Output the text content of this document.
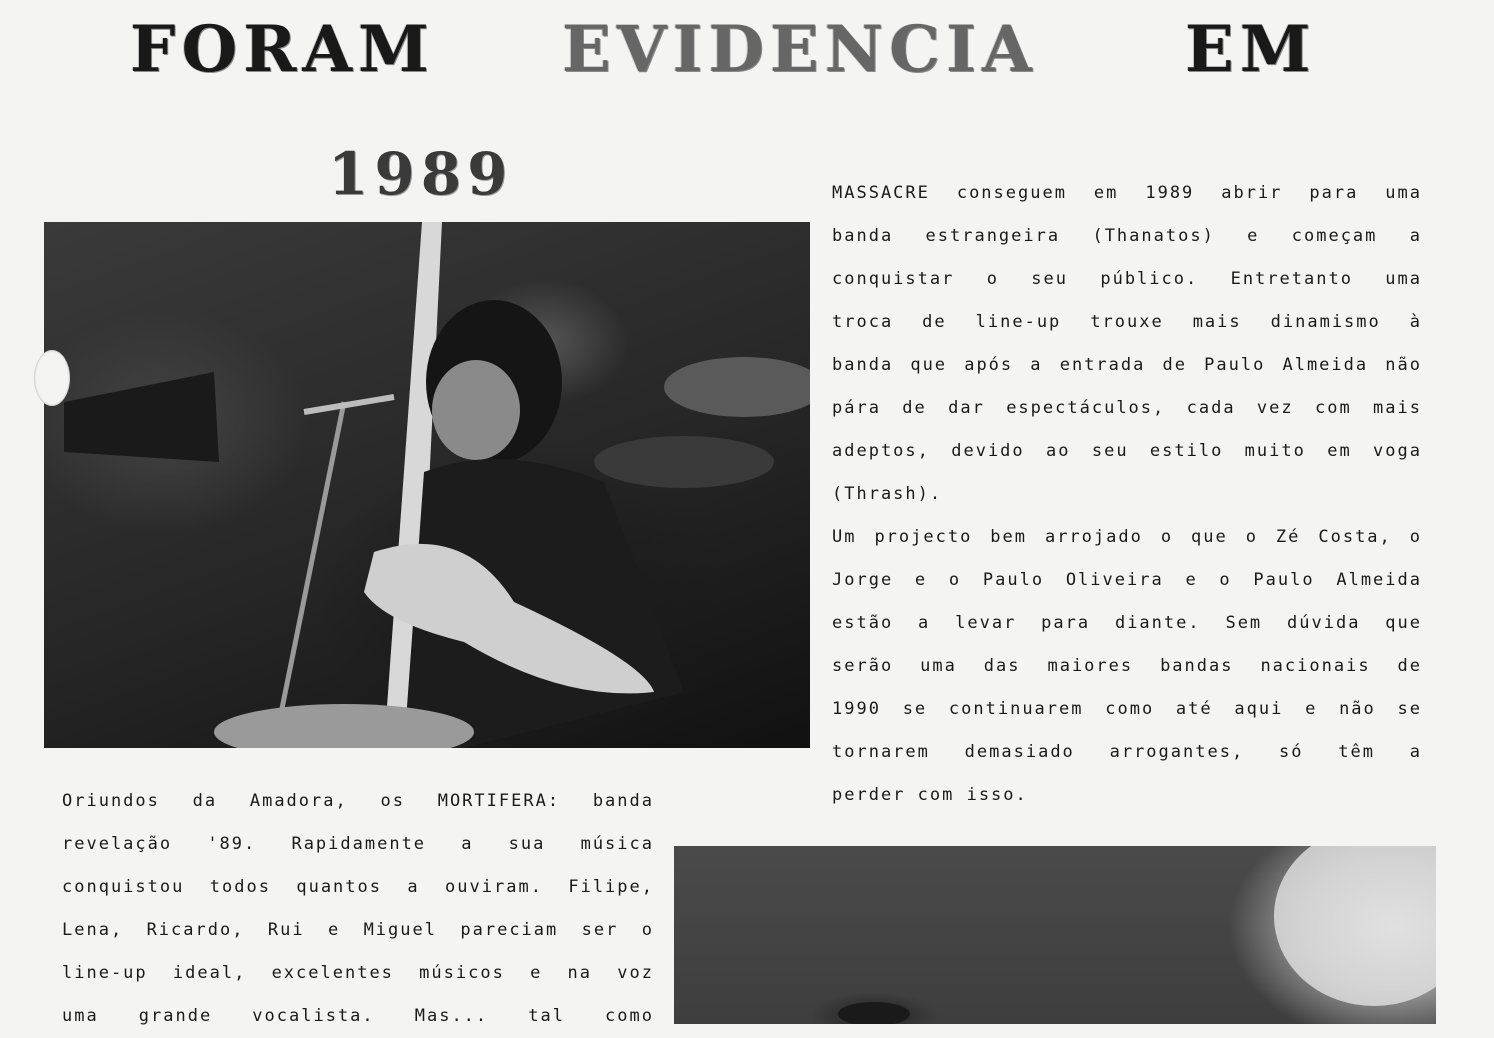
FORAM EVIDENCIA EM
1989	MASSACRE conseguem em 1989 abrir para uma
banda estrangeira (Thanatos) e começam a
conquistar o seu público. Entretanto uma
troca de line-up trouxe mais dinamismo à
banda que após a entrada de Paulo Almeida não
pára de dar espectáculos, cada vez com mais
adeptos, devido ao seu estilo muito em voga
(Thrash).
Um projecto bem arrojado o que o Zé Costa, o
Jorge e o Paulo Oliveira e o Paulo Almeida
estão a levar para diante. Sem dúvida que
serão uma das maiores bandas nacionais de
1990 se continuarem como até aqui e não se
tornarem demasiado arrogantes, só têm a
perder com isso.
Oriundos da Amadora, os MORTIFERA: banda
revelação '89. Rapidamente a sua música
conquistou todos quantos a ouviram. Filipe,
Lena, Ricardo, Rui e Miguel pareciam ser o
line-up ideal, excelentes músicos e na voz
uma grande vocalista. Mas... tal como
